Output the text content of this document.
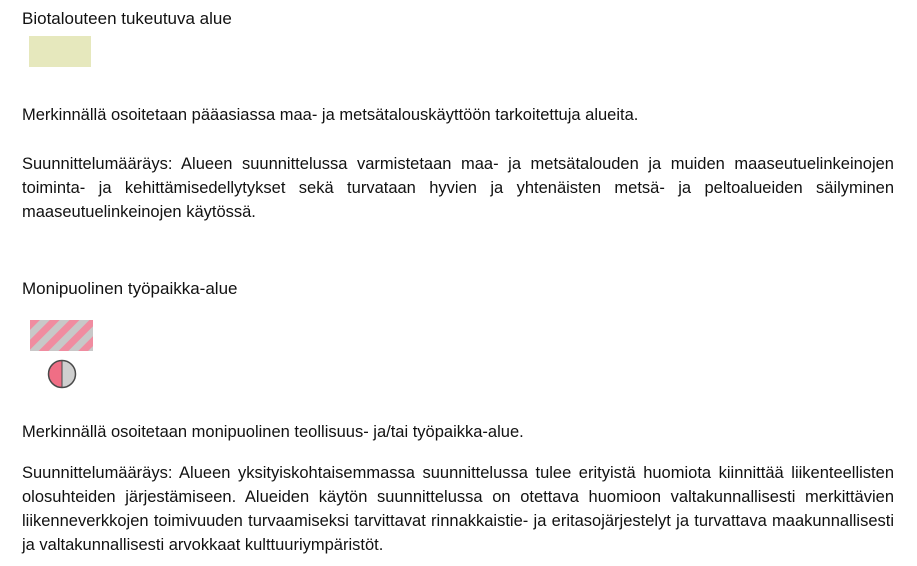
Biotalouteen tukeutuva alue
Merkinnällä osoitetaan pääasiassa maa- ja metsätalouskäyttöön tarkoitettuja alueita.
Suunnittelumääräys: Alueen suunnittelussa varmistetaan maa- ja metsätalouden ja muiden maaseutuelinkeinojen toiminta- ja kehittämisedellytykset sekä turvataan hyvien ja yhtenäisten metsä- ja peltoalueiden säilyminen maaseutuelinkeinojen käytössä.
Monipuolinen työpaikka-alue
Merkinnällä osoitetaan monipuolinen teollisuus- ja/tai työpaikka-alue.
Suunnittelumääräys: Alueen yksityiskohtaisemmassa suunnittelussa tulee erityistä huomiota kiinnittää liikenteellisten olosuhteiden järjestämiseen. Alueiden käytön suunnittelussa on otettava huomioon valtakunnallisesti merkittävien liikenneverkkojen toimivuuden turvaamiseksi tarvittavat rinnakkaistie- ja eritasojärjestelyt ja turvattava maakunnallisesti ja valtakunnallisesti arvokkaat kulttuuriympäristöt.
